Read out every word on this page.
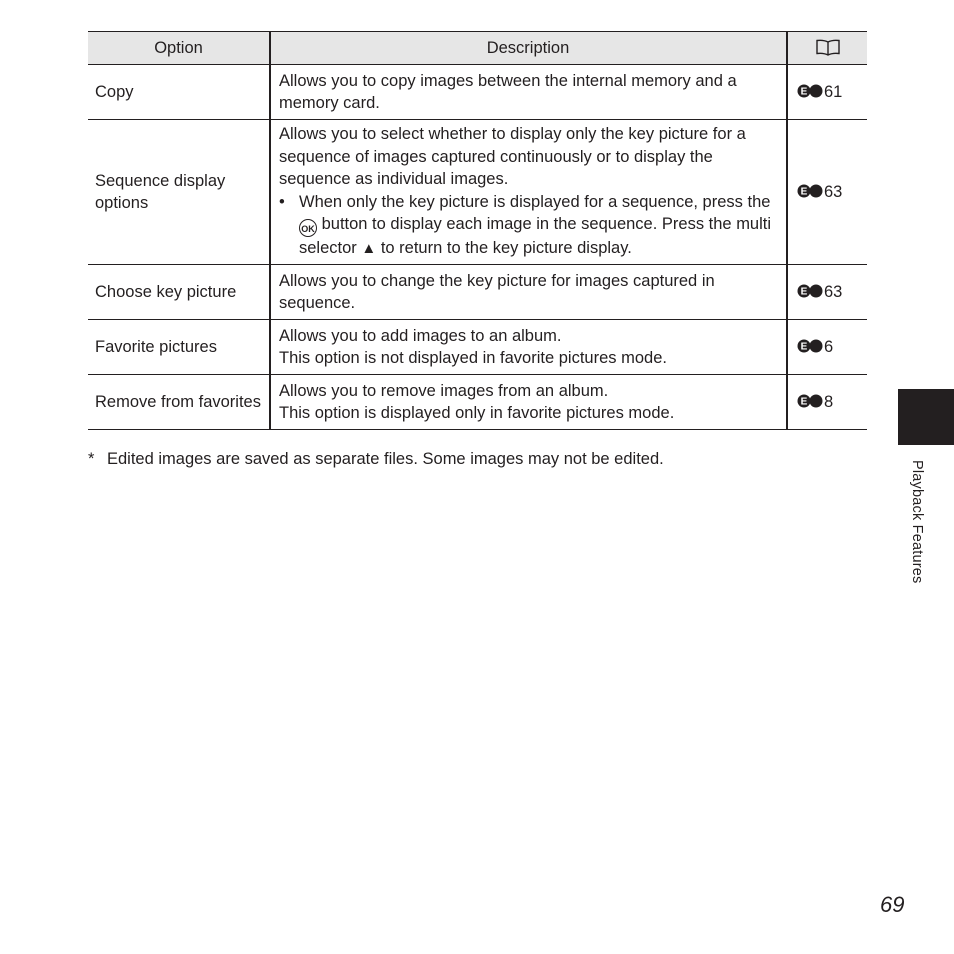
Option	Description	
Copy	Allows you to copy images between the internal memory and a memory card.	61
Sequence display options	Allows you to select whether to display only the key picture for a sequence of images captured continuously or to display the sequence as individual images.
• When only the key picture is displayed for a sequence, press the OK button to display each image in the sequence. Press the multi selector ▲ to return to the key picture display.	63
Choose key picture	Allows you to change the key picture for images captured in sequence.	63
Favorite pictures	Allows you to add images to an album.
This option is not displayed in favorite pictures mode.	6
Remove from favorites	Allows you to remove images from an album.
This option is displayed only in favorite pictures mode.	8
* Edited images are saved as separate files. Some images may not be edited.
Playback Features
69
